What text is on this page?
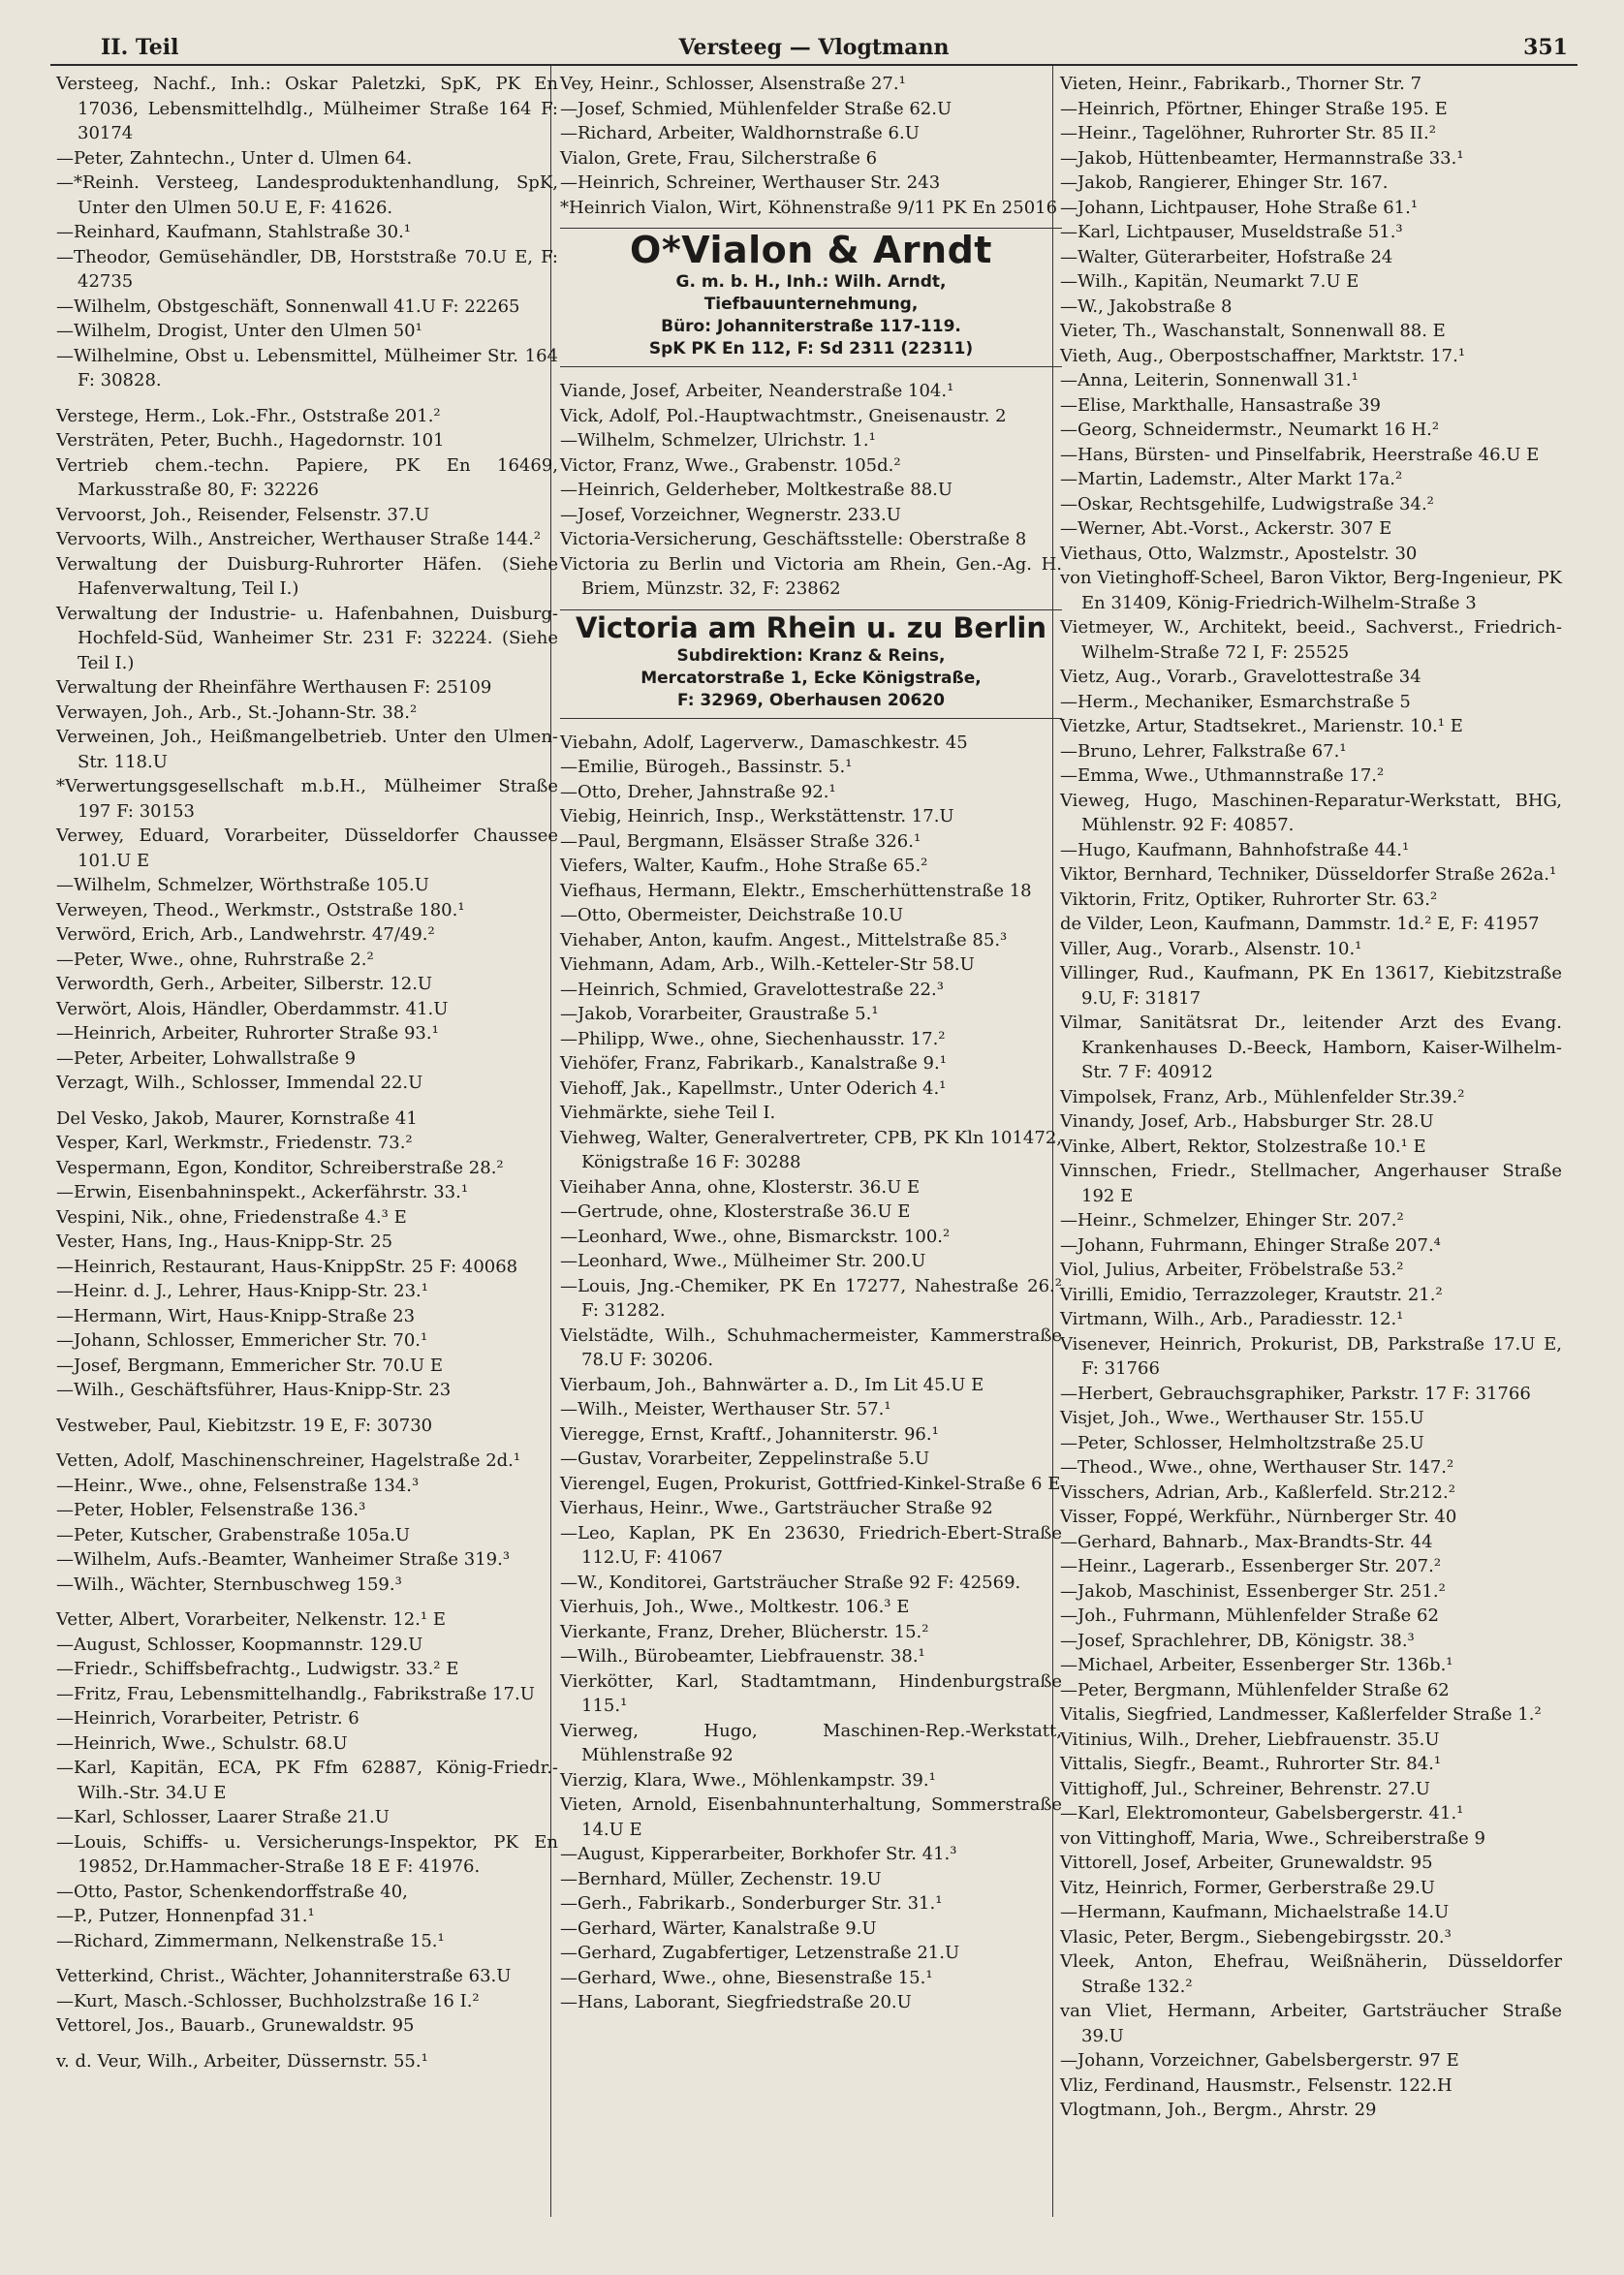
II. Teil	Versteeg — Vlogtmann	351

Versteeg, Nachf., Inh.: Oskar Paletzki, SpK, PK En 17036, Lebensmittelhdlg., Mülheimer Straße 164 F: 30174

—Peter, Zahntechn., Unter d. Ulmen 64.

—*Reinh. Versteeg, Landesproduktenhandlung, SpK, Unter den Ulmen 50.U E, F: 41626.

—Reinhard, Kaufmann, Stahlstraße 30.¹

—Theodor, Gemüsehändler, DB, Horststraße 70.U E, F: 42735

—Wilhelm, Obstgeschäft, Sonnenwall 41.U F: 22265

—Wilhelm, Drogist, Unter den Ulmen 50¹

—Wilhelmine, Obst u. Lebensmittel, Mülheimer Str. 164 F: 30828.

Verstege, Herm., Lok.-Fhr., Oststraße 201.²

Versträten, Peter, Buchh., Hagedornstr. 101

Vertrieb chem.-techn. Papiere, PK En 16469, Markusstraße 80, F: 32226

Vervoorst, Joh., Reisender, Felsenstr. 37.U

Vervoorts, Wilh., Anstreicher, Werthauser Straße 144.²

Verwaltung der Duisburg-Ruhrorter Häfen. (Siehe Hafenverwaltung, Teil I.)

Verwaltung der Industrie- u. Hafenbahnen, Duisburg-Hochfeld-Süd, Wanheimer Str. 231 F: 32224. (Siehe Teil I.)

Verwaltung der Rheinfähre Werthausen F: 25109

Verwayen, Joh., Arb., St.-Johann-Str. 38.²

Verweinen, Joh., Heißmangelbetrieb. Unter den Ulmen-Str. 118.U

*Verwertungsgesellschaft m.b.H., Mülheimer Straße 197 F: 30153

Verwey, Eduard, Vorarbeiter, Düsseldorfer Chaussee 101.U E

—Wilhelm, Schmelzer, Wörthstraße 105.U

Verweyen, Theod., Werkmstr., Oststraße 180.¹

Verwörd, Erich, Arb., Landwehrstr. 47/49.²

—Peter, Wwe., ohne, Ruhrstraße 2.²

Verwordth, Gerh., Arbeiter, Silberstr. 12.U

Verwört, Alois, Händler, Oberdammstr. 41.U

—Heinrich, Arbeiter, Ruhrorter Straße 93.¹

—Peter, Arbeiter, Lohwallstraße 9

Verzagt, Wilh., Schlosser, Immendal 22.U

Del Vesko, Jakob, Maurer, Kornstraße 41

Vesper, Karl, Werkmstr., Friedenstr. 73.²

Vespermann, Egon, Konditor, Schreiberstraße 28.²

—Erwin, Eisenbahninspekt., Ackerfährstr. 33.¹

Vespini, Nik., ohne, Friedenstraße 4.³ E

Vester, Hans, Ing., Haus-Knipp-Str. 25

—Heinrich, Restaurant, Haus-KnippStr. 25 F: 40068

—Heinr. d. J., Lehrer, Haus-Knipp-Str. 23.¹

—Hermann, Wirt, Haus-Knipp-Straße 23

—Johann, Schlosser, Emmericher Str. 70.¹

—Josef, Bergmann, Emmericher Str. 70.U E

—Wilh., Geschäftsführer, Haus-Knipp-Str. 23

Vestweber, Paul, Kiebitzstr. 19 E, F: 30730

Vetten, Adolf, Maschinenschreiner, Hagelstraße 2d.¹

—Heinr., Wwe., ohne, Felsenstraße 134.³

—Peter, Hobler, Felsenstraße 136.³

—Peter, Kutscher, Grabenstraße 105a.U

—Wilhelm, Aufs.-Beamter, Wanheimer Straße 319.³

—Wilh., Wächter, Sternbuschweg 159.³

Vetter, Albert, Vorarbeiter, Nelkenstr. 12.¹ E

—August, Schlosser, Koopmannstr. 129.U

—Friedr., Schiffsbefrachtg., Ludwigstr. 33.² E

—Fritz, Frau, Lebensmittelhandlg., Fabrikstraße 17.U

—Heinrich, Vorarbeiter, Petristr. 6

—Heinrich, Wwe., Schulstr. 68.U

—Karl, Kapitän, ECA, PK Ffm 62887, König-Friedr.-Wilh.-Str. 34.U E

—Karl, Schlosser, Laarer Straße 21.U

—Louis, Schiffs- u. Versicherungs-Inspektor, PK En 19852, Dr.Hammacher-Straße 18 E F: 41976.

—Otto, Pastor, Schenkendorffstraße 40,

—P., Putzer, Honnenpfad 31.¹

—Richard, Zimmermann, Nelkenstraße 15.¹

Vetterkind, Christ., Wächter, Johanniterstraße 63.U

—Kurt, Masch.-Schlosser, Buchholzstraße 16 I.²

Vettorel, Jos., Bauarb., Grunewaldstr. 95

v. d. Veur, Wilh., Arbeiter, Düssernstr. 55.¹

Vey, Heinr., Schlosser, Alsenstraße 27.¹

—Josef, Schmied, Mühlenfelder Straße 62.U

—Richard, Arbeiter, Waldhornstraße 6.U

Vialon, Grete, Frau, Silcherstraße 6

—Heinrich, Schreiner, Werthauser Str. 243

*Heinrich Vialon, Wirt, Köhnenstraße 9/11 PK En 25016

O*Vialon & Arndt
G. m. b. H., Inh.: Wilh. Arndt,
Tiefbauunternehmung,
Büro: Johanniterstraße 117-119.
SpK PK En 112, F: Sd 2311 (22311)

Viande, Josef, Arbeiter, Neanderstraße 104.¹

Vick, Adolf, Pol.-Hauptwachtmstr., Gneisenaustr. 2

—Wilhelm, Schmelzer, Ulrichstr. 1.¹

Victor, Franz, Wwe., Grabenstr. 105d.²

—Heinrich, Gelderheber, Moltkestraße 88.U

—Josef, Vorzeichner, Wegnerstr. 233.U

Victoria-Versicherung, Geschäftsstelle: Oberstraße 8

Victoria zu Berlin und Victoria am Rhein, Gen.-Ag. H. Briem, Münzstr. 32, F: 23862

Victoria am Rhein u. zu Berlin
Subdirektion: Kranz & Reins,
Mercatorstraße 1, Ecke Königstraße,
F: 32969, Oberhausen 20620

Viebahn, Adolf, Lagerverw., Damaschkestr. 45

—Emilie, Bürogeh., Bassinstr. 5.¹

—Otto, Dreher, Jahnstraße 92.¹

Viebig, Heinrich, Insp., Werkstättenstr. 17.U

—Paul, Bergmann, Elsässer Straße 326.¹

Viefers, Walter, Kaufm., Hohe Straße 65.²

Viefhaus, Hermann, Elektr., Emscherhüttenstraße 18

—Otto, Obermeister, Deichstraße 10.U

Viehaber, Anton, kaufm. Angest., Mittelstraße 85.³

Viehmann, Adam, Arb., Wilh.-Ketteler-Str 58.U

—Heinrich, Schmied, Gravelottestraße 22.³

—Jakob, Vorarbeiter, Graustraße 5.¹

—Philipp, Wwe., ohne, Siechenhausstr. 17.²

Viehöfer, Franz, Fabrikarb., Kanalstraße 9.¹

Viehoff, Jak., Kapellmstr., Unter Oderich 4.¹

Viehmärkte, siehe Teil I.

Viehweg, Walter, Generalvertreter, CPB, PK Kln 101472, Königstraße 16 F: 30288

Vieihaber Anna, ohne, Klosterstr. 36.U E

—Gertrude, ohne, Klosterstraße 36.U E

—Leonhard, Wwe., ohne, Bismarckstr. 100.²

—Leonhard, Wwe., Mülheimer Str. 200.U

—Louis, Jng.-Chemiker, PK En 17277, Nahestraße 26.² F: 31282.

Vielstädte, Wilh., Schuhmachermeister, Kammerstraße 78.U F: 30206.

Vierbaum, Joh., Bahnwärter a. D., Im Lit 45.U E

—Wilh., Meister, Werthauser Str. 57.¹

Vieregge, Ernst, Kraftf., Johanniterstr. 96.¹

—Gustav, Vorarbeiter, Zeppelinstraße 5.U

Vierengel, Eugen, Prokurist, Gottfried-Kinkel-Straße 6 E

Vierhaus, Heinr., Wwe., Gartsträucher Straße 92

—Leo, Kaplan, PK En 23630, Friedrich-Ebert-Straße 112.U, F: 41067

—W., Konditorei, Gartsträucher Straße 92 F: 42569.

Vierhuis, Joh., Wwe., Moltkestr. 106.³ E

Vierkante, Franz, Dreher, Blücherstr. 15.²

—Wilh., Bürobeamter, Liebfrauenstr. 38.¹

Vierkötter, Karl, Stadtamtmann, Hindenburgstraße 115.¹

Vierweg, Hugo, Maschinen-Rep.-Werkstatt, Mühlenstraße 92

Vierzig, Klara, Wwe., Möhlenkampstr. 39.¹

Vieten, Arnold, Eisenbahnunterhaltung, Sommerstraße 14.U E

—August, Kipperarbeiter, Borkhofer Str. 41.³

—Bernhard, Müller, Zechenstr. 19.U

—Gerh., Fabrikarb., Sonderburger Str. 31.¹

—Gerhard, Wärter, Kanalstraße 9.U

—Gerhard, Zugabfertiger, Letzenstraße 21.U

—Gerhard, Wwe., ohne, Biesenstraße 15.¹

—Hans, Laborant, Siegfriedstraße 20.U

Vieten, Heinr., Fabrikarb., Thorner Str. 7

—Heinrich, Pförtner, Ehinger Straße 195. E

—Heinr., Tagelöhner, Ruhrorter Str. 85 II.²

—Jakob, Hüttenbeamter, Hermannstraße 33.¹

—Jakob, Rangierer, Ehinger Str. 167.

—Johann, Lichtpauser, Hohe Straße 61.¹

—Karl, Lichtpauser, Museldstraße 51.³

—Walter, Güterarbeiter, Hofstraße 24

—Wilh., Kapitän, Neumarkt 7.U E

—W., Jakobstraße 8

Vieter, Th., Waschanstalt, Sonnenwall 88. E

Vieth, Aug., Oberpostschaffner, Marktstr. 17.¹

—Anna, Leiterin, Sonnenwall 31.¹

—Elise, Markthalle, Hansastraße 39

—Georg, Schneidermstr., Neumarkt 16 H.²

—Hans, Bürsten- und Pinselfabrik, Heerstraße 46.U E

—Martin, Lademstr., Alter Markt 17a.²

—Oskar, Rechtsgehilfe, Ludwigstraße 34.²

—Werner, Abt.-Vorst., Ackerstr. 307 E

Viethaus, Otto, Walzmstr., Apostelstr. 30

von Vietinghoff-Scheel, Baron Viktor, Berg-Ingenieur, PK En 31409, König-Friedrich-Wilhelm-Straße 3

Vietmeyer, W., Architekt, beeid., Sachverst., Friedrich-Wilhelm-Straße 72 I, F: 25525

Vietz, Aug., Vorarb., Gravelottestraße 34

—Herm., Mechaniker, Esmarchstraße 5

Vietzke, Artur, Stadtsekret., Marienstr. 10.¹ E

—Bruno, Lehrer, Falkstraße 67.¹

—Emma, Wwe., Uthmannstraße 17.²

Vieweg, Hugo, Maschinen-Reparatur-Werkstatt, BHG, Mühlenstr. 92 F: 40857.

—Hugo, Kaufmann, Bahnhofstraße 44.¹

Viktor, Bernhard, Techniker, Düsseldorfer Straße 262a.¹

Viktorin, Fritz, Optiker, Ruhrorter Str. 63.²

de Vilder, Leon, Kaufmann, Dammstr. 1d.² E, F: 41957

Viller, Aug., Vorarb., Alsenstr. 10.¹

Villinger, Rud., Kaufmann, PK En 13617, Kiebitzstraße 9.U, F: 31817

Vilmar, Sanitätsrat Dr., leitender Arzt des Evang. Krankenhauses D.-Beeck, Hamborn, Kaiser-Wilhelm-Str. 7 F: 40912

Vimpolsek, Franz, Arb., Mühlenfelder Str.39.²

Vinandy, Josef, Arb., Habsburger Str. 28.U

Vinke, Albert, Rektor, Stolzestraße 10.¹ E

Vinnschen, Friedr., Stellmacher, Angerhauser Straße 192 E

—Heinr., Schmelzer, Ehinger Str. 207.²

—Johann, Fuhrmann, Ehinger Straße 207.⁴

Viol, Julius, Arbeiter, Fröbelstraße 53.²

Virilli, Emidio, Terrazzoleger, Krautstr. 21.²

Virtmann, Wilh., Arb., Paradiesstr. 12.¹

Visenever, Heinrich, Prokurist, DB, Parkstraße 17.U E, F: 31766

—Herbert, Gebrauchsgraphiker, Parkstr. 17 F: 31766

Visjet, Joh., Wwe., Werthauser Str. 155.U

—Peter, Schlosser, Helmholtzstraße 25.U

—Theod., Wwe., ohne, Werthauser Str. 147.²

Visschers, Adrian, Arb., Kaßlerfeld. Str.212.²

Visser, Foppé, Werkführ., Nürnberger Str. 40

—Gerhard, Bahnarb., Max-Brandts-Str. 44

—Heinr., Lagerarb., Essenberger Str. 207.²

—Jakob, Maschinist, Essenberger Str. 251.²

—Joh., Fuhrmann, Mühlenfelder Straße 62

—Josef, Sprachlehrer, DB, Königstr. 38.³

—Michael, Arbeiter, Essenberger Str. 136b.¹

—Peter, Bergmann, Mühlenfelder Straße 62

Vitalis, Siegfried, Landmesser, Kaßlerfelder Straße 1.²

Vitinius, Wilh., Dreher, Liebfrauenstr. 35.U

Vittalis, Siegfr., Beamt., Ruhrorter Str. 84.¹

Vittighoff, Jul., Schreiner, Behrenstr. 27.U

—Karl, Elektromonteur, Gabelsbergerstr. 41.¹

von Vittinghoff, Maria, Wwe., Schreiberstraße 9

Vittorell, Josef, Arbeiter, Grunewaldstr. 95

Vitz, Heinrich, Former, Gerberstraße 29.U

—Hermann, Kaufmann, Michaelstraße 14.U

Vlasic, Peter, Bergm., Siebengebirgsstr. 20.³

Vleek, Anton, Ehefrau, Weißnäherin, Düsseldorfer Straße 132.²

van Vliet, Hermann, Arbeiter, Gartsträucher Straße 39.U

—Johann, Vorzeichner, Gabelsbergerstr. 97 E

Vliz, Ferdinand, Hausmstr., Felsenstr. 122.H

Vlogtmann, Joh., Bergm., Ahrstr. 29
